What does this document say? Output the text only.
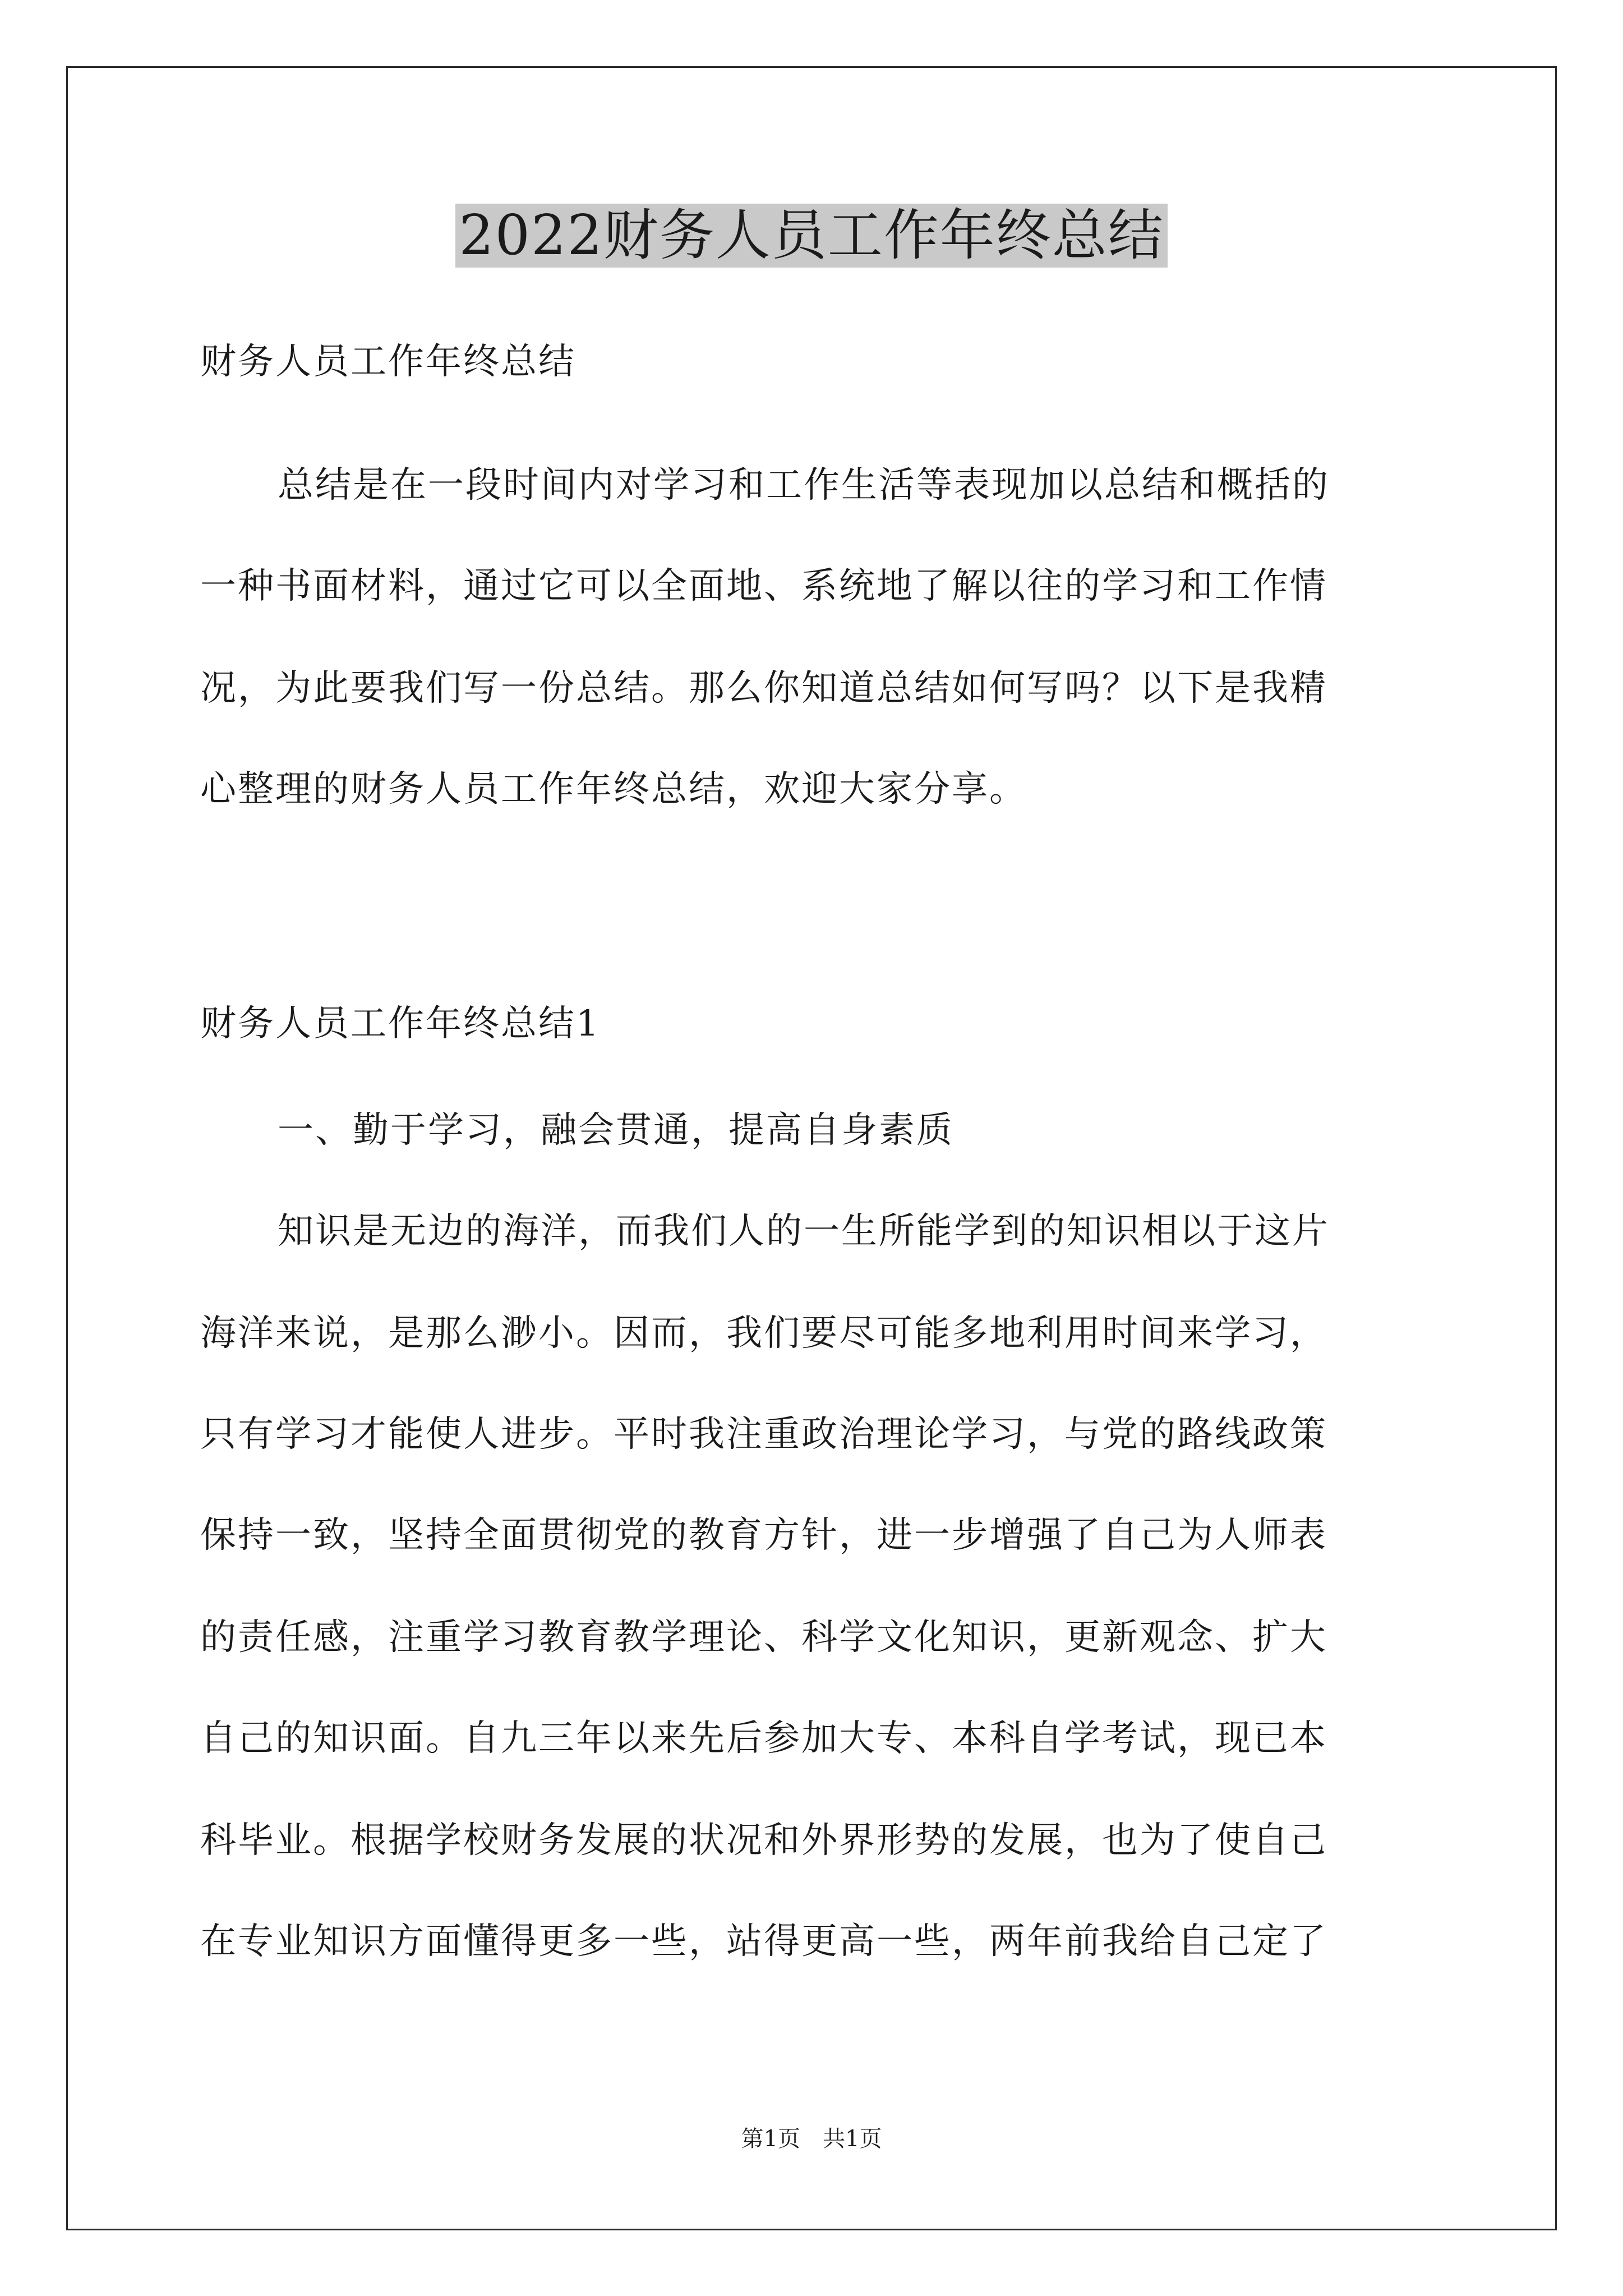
2022财务人员工作年终总结

财务人员工作年终总结

总结是在一段时间内对学习和工作生活等表现加以总结和概括的

一种书面材料，通过它可以全面地、系统地了解以往的学习和工作情

况，为此要我们写一份总结。那么你知道总结如何写吗？以下是我精

心整理的财务人员工作年终总结，欢迎大家分享。

财务人员工作年终总结1

一、勤于学习，融会贯通，提高自身素质

知识是无边的海洋，而我们人的一生所能学到的知识相以于这片

海洋来说，是那么渺小。因而，我们要尽可能多地利用时间来学习，

只有学习才能使人进步。平时我注重政治理论学习，与党的路线政策

保持一致，坚持全面贯彻党的教育方针，进一步增强了自己为人师表

的责任感，注重学习教育教学理论、科学文化知识，更新观念、扩大

自己的知识面。自九三年以来先后参加大专、本科自学考试，现已本

科毕业。根据学校财务发展的状况和外界形势的发展，也为了使自己

在专业知识方面懂得更多一些，站得更高一些，两年前我给自己定了

第1页 共1页
